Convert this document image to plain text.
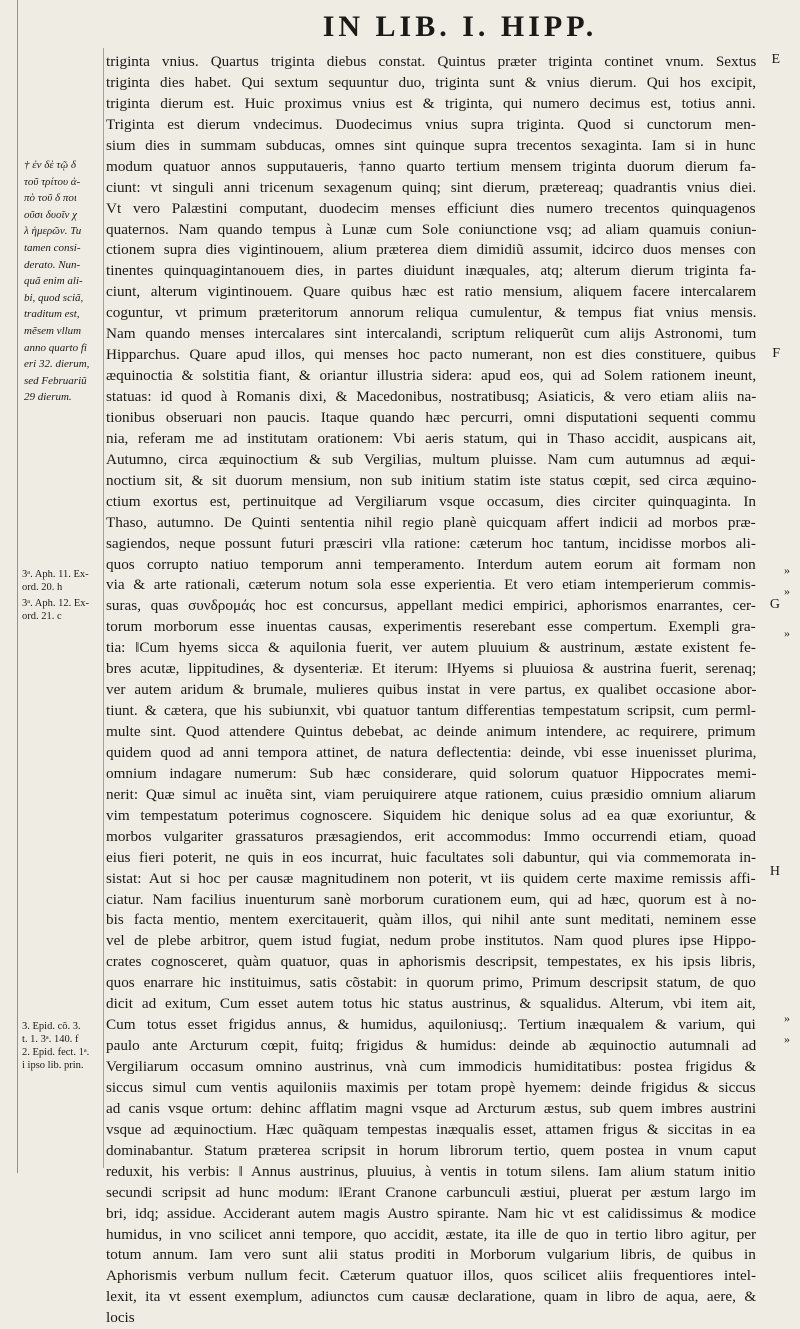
IN LIB. I. HIPP.
triginta vnius. Quartus triginta diebus constat. Quintus præter triginta continet vnum. Sextus
triginta dies habet. Qui sextum sequuntur duo, triginta sunt & vnius dierum. Qui hos excipit,
triginta dierum est. Huic proximus vnius est & triginta, qui numero decimus est, totius anni.
Triginta est dierum vndecimus. Duodecimus vnius supra triginta. Quod si cunctorum men-
sium dies in summam subducas, omnes sint quinque supra trecentos sexaginta. Iam si in hunc
modum quatuor annos supputaueris, †anno quarto tertium mensem triginta duorum dierum fa-
ciunt: vt singuli anni tricenum sexagenum quinq; sint dierum, prætereaq; quadrantis vnius diei.
Vt vero Palæstini computant, duodecim menses efficiunt dies numero trecentos quinquagenos
quaternos. Nam quando tempus à Lunæ cum Sole coniunctione vsq; ad aliam quamuis coniun-
ctionem supra dies vigintinouem, alium præterea diem dimidiũ assumit, idcirco duos menses con
tinentes quinquagintanouem dies, in partes diuidunt inæquales, atq; alterum dierum triginta fa-
ciunt, alterum vigintinouem. Quare quibus hæc est ratio mensium, aliquem facere intercalarem
coguntur, vt primum præteritorum annorum reliqua cumulentur, & tempus fiat vnius mensis.
Nam quando menses intercalares sint intercalandi, scriptum reliquerũt cum alijs Astronomi, tum
Hipparchus. Quare apud illos, qui menses hoc pacto numerant, non est dies constituere, quibus
æquinoctia & solstitia fiant, & oriantur illustria sidera: apud eos, qui ad Solem rationem ineunt,
statuas: id quod à Romanis dixi, & Macedonibus, nostratibusq; Asiaticis, & vero etiam aliis na-
tionibus obseruari non paucis. Itaque quando hæc percurri, omni disputationi sequenti commu
nia, referam me ad institutam orationem: Vbi aeris statum, qui in Thaso accidit, auspicans ait,
Autumno, circa æquinoctium & sub Vergilias, multum pluisse. Nam cum autumnus ad æqui-
noctium sit, & sit duorum mensium, non sub initium statim iste status cœpit, sed circa æquino-
ctium exortus est, pertinuitque ad Vergiliarum vsque occasum, dies circiter quinquaginta. In
Thaso, autumno. De Quinti sententia nihil regio planè quicquam affert indicii ad morbos præ-
sagiendos, neque possunt futuri præsciri vlla ratione: cæterum hoc tantum, incidisse morbos ali-
quos corrupto natiuo temporum anni temperamento. Interdum autem eorum ait formam non
via & arte rationali, cæterum notum sola esse experientia. Et vero etiam intemperierum commis-
suras, quas συνδρομάς hoc est concursus, appellant medici empirici, aphorismos enarrantes, cer-
torum morborum esse inuentas causas, experimentis reserebant esse compertum. Exempli gra-
tia: ‖Cum hyems sicca & aquilonia fuerit, ver autem pluuium & austrinum, æstate existent fe-
bres acutæ, lippitudines, & dysenteriæ. Et iterum: ‖Hyems si pluuiosa & austrina fuerit, serenaq;
ver autem aridum & brumale, mulieres quibus instat in vere partus, ex qualibet occasione abor-
tiunt. & cætera, que his subiunxit, vbi quatuor tantum differentias tempestatum scripsit, cum perml-
multe sint. Quod attendere Quintus debebat, ac deinde animum intendere, ac requirere, primum
quidem quod ad anni tempora attinet, de natura deflectentia: deinde, vbi esse inuenisset plurima,
omnium indagare numerum: Sub hæc considerare, quid solorum quatuor Hippocrates memi-
nerit: Quæ simul ac inuẽta sint, viam peruiquirere atque rationem, cuius præsidio omnium aliarum
vim tempestatum poterimus cognoscere. Siquidem hic denique solus ad ea quæ exoriuntur, &
morbos vulgariter grassaturos præsagiendos, erit accommodus: Immo occurrendi etiam, quoad
eius fieri poterit, ne quis in eos incurrat, huic facultates soli dabuntur, qui via commemorata in-
sistat: Aut si hoc per causæ magnitudinem non poterit, vt iis quidem certe maxime remissis affi-
ciatur. Nam facilius inuenturum sanè morborum curationem eum, qui ad hæc, quorum est à no-
bis facta mentio, mentem exercitauerit, quàm illos, qui nihil ante sunt meditati, neminem esse
vel de plebe arbitror, quem istud fugiat, nedum probe institutos. Nam quod plures ipse Hippo-
crates cognosceret, quàm quatuor, quas in aphorismis descripsit, tempestates, ex his ipsis libris,
quos enarrare hic instituimus, satis cõstabit: in quorum primo, Primum descripsit statum, de quo
dicit ad exitum, Cum esset autem totus hic status austrinus, & squalidus. Alterum, vbi item ait,
Cum totus esset frigidus annus, & humidus, aquiloniusq;. Tertium inæqualem & varium, qui
paulo ante Arcturum cœpit, fuitq; frigidus & humidus: deinde ab æquinoctio autumnali ad
Vergiliarum occasum omnino austrinus, vnà cum immodicis humiditatibus: postea frigidus &
siccus simul cum ventis aquiloniis maximis per totam propè hyemem: deinde frigidus & siccus
ad canis vsque ortum: dehinc afflatim magni vsque ad Arcturum æstus, sub quem imbres austrini
vsque ad æquinoctium. Hæc quãquam tempestas inæqualis esset, attamen frigus & siccitas in ea
dominabantur. Statum præterea scripsit in horum librorum tertio, quem postea in vnum caput
reduxit, his verbis: ‖ Annus austrinus, pluuius, à ventis in totum silens. Iam alium statum initio
secundi scripsit ad hunc modum: ‖Erant Cranone carbunculi æstiui, pluerat per æstum largo im
bri, idq; assidue. Acciderant autem magis Austro spirante. Nam hic vt est calidissimus & modice
humidus, in vno scilicet anni tempore, quo accidit, æstate, ita ille de quo in tertio libro agitur, per
totum annum. Iam vero sunt alii status proditi in Morborum vulgarium libris, de quibus in
Aphorismis verbum nullum fecit. Cæterum quatuor illos, quos scilicet aliis frequentiores intel-
lexit, ita vt essent exemplum, adiunctos cum causæ declaratione, quam in libro de aqua, aere, &
locis
† ἐν δὲ τῷ δ
τοῦ τρίτου ἀ-
πὸ τοῦ δ ποι
οῦσι δυοῖν χ
λ ἡμερῶν. Tu
tamen consi-
derato. Nun-
quã enim ali-
bi, quod sciã,
traditum est,
mẽsem vllum
anno quarto fi
eri 32. dierum,
sed Februariũ
29 dierum.
3ᵃ. Aph. 11. Ex-
ord. 20. h
3ᵃ. Aph. 12. Ex-
ord. 21. c
3. Epid. cõ. 3.
t. 1. 3ᵃ. 140. f
2. Epid. fect. 1ᵃ.
i ipso lib. prin.
E
F
G
H
»
»
»
»
»
